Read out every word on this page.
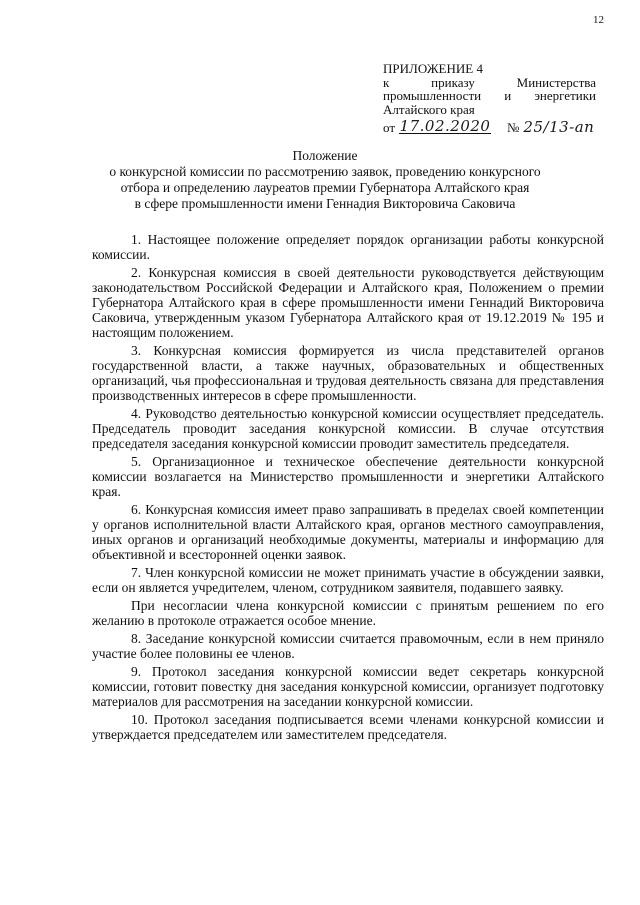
12
ПРИЛОЖЕНИЕ 4
к	приказу	Министерства
промышленности и энергетики
Алтайского края
от 17.02.2020 № 25/13-ап
Положение
о конкурсной комиссии по рассмотрению заявок, проведению конкурсного
отбора и определению лауреатов премии Губернатора Алтайского края
в сфере промышленности имени Геннадия Викторовича Саковича

1. Настоящее положение определяет порядок организации работы конкурсной комиссии.

2. Конкурсная комиссия в своей деятельности руководствуется действующим законодательством Российской Федерации и Алтайского края, Положением о премии Губернатора Алтайского края в сфере промышленности имени Геннадий Викторовича Саковича, утвержденным указом Губернатора Алтайского края от 19.12.2019 № 195 и настоящим положением.

3. Конкурсная комиссия формируется из числа представителей органов государственной власти, а также научных, образовательных и общественных организаций, чья профессиональная и трудовая деятельность связана для представления производственных интересов в сфере промышленности.

4. Руководство деятельностью конкурсной комиссии осуществляет председатель. Председатель проводит заседания конкурсной комиссии. В случае отсутствия председателя заседания конкурсной комиссии проводит заместитель председателя.

5. Организационное и техническое обеспечение деятельности конкурсной комиссии возлагается на Министерство промышленности и энергетики Алтайского края.

6. Конкурсная комиссия имеет право запрашивать в пределах своей компетенции у органов исполнительной власти Алтайского края, органов местного самоуправления, иных органов и организаций необходимые документы, материалы и информацию для объективной и всесторонней оценки заявок.

7. Член конкурсной комиссии не может принимать участие в обсуждении заявки, если он является учредителем, членом, сотрудником заявителя, подавшего заявку.

При несогласии члена конкурсной комиссии с принятым решением по его желанию в протоколе отражается особое мнение.

8. Заседание конкурсной комиссии считается правомочным, если в нем приняло участие более половины ее членов.

9. Протокол заседания конкурсной комиссии ведет секретарь конкурсной комиссии, готовит повестку дня заседания конкурсной комиссии, организует подготовку материалов для рассмотрения на заседании конкурсной комиссии.

10. Протокол заседания подписывается всеми членами конкурсной комиссии и утверждается председателем или заместителем председателя.
